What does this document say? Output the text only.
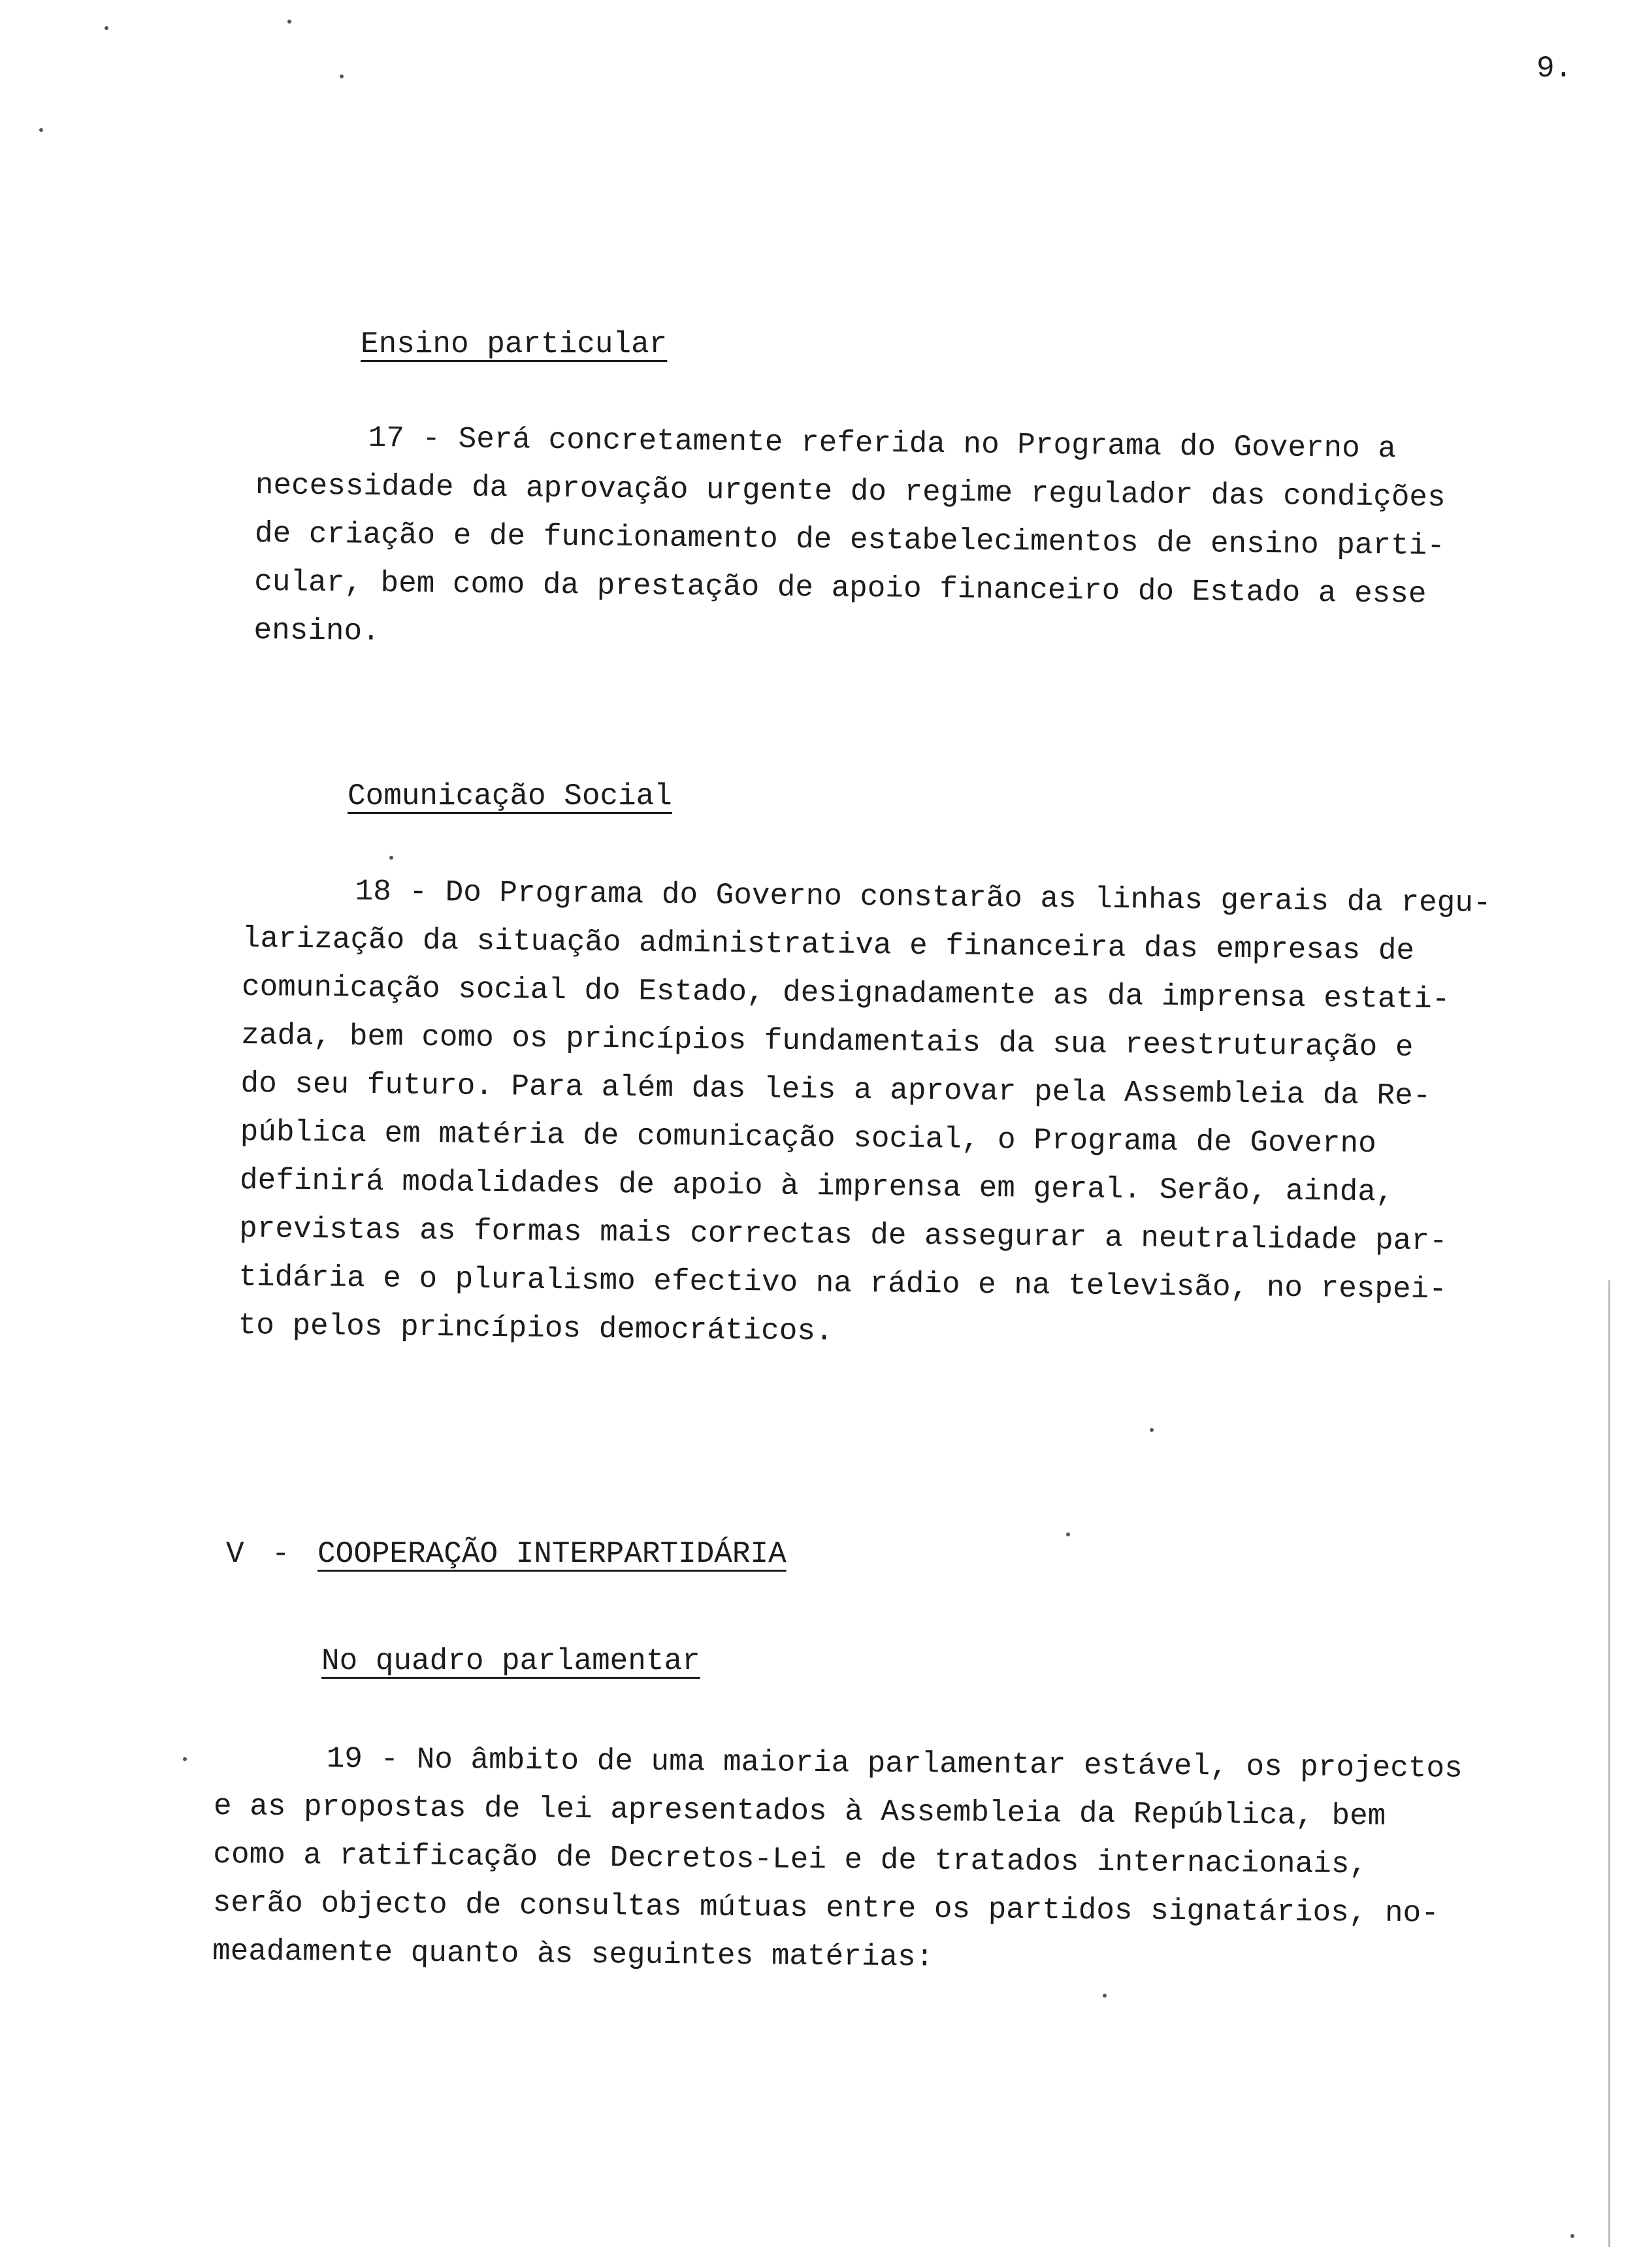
9.
Ensino particular
17 - Será concretamente referida no Programa do Governo a
necessidade da aprovação urgente do regime regulador das condições
de criação e de funcionamento de estabelecimentos de ensino parti-
cular, bem como da prestação de apoio financeiro do Estado a esse
ensino.
Comunicação Social
18 - Do Programa do Governo constarão as linhas gerais da regu-
larização da situação administrativa e financeira das empresas de
comunicação social do Estado, designadamente as da imprensa estati-
zada, bem como os princípios fundamentais da sua reestruturação e
do seu futuro. Para além das leis a aprovar pela Assembleia da Re-
pública em matéria de comunicação social, o Programa de Governo
definirá modalidades de apoio à imprensa em geral. Serão, ainda,
previstas as formas mais correctas de assegurar a neutralidade par-
tidária e o pluralismo efectivo na rádio e na televisão, no respei-
to pelos princípios democráticos.
V - COOPERAÇÃO INTERPARTIDÁRIA
No quadro parlamentar
19 - No âmbito de uma maioria parlamentar estável, os projectos
e as propostas de lei apresentados à Assembleia da República, bem
como a ratificação de Decretos-Lei e de tratados internacionais,
serão objecto de consultas mútuas entre os partidos signatários, no-
meadamente quanto às seguintes matérias:
